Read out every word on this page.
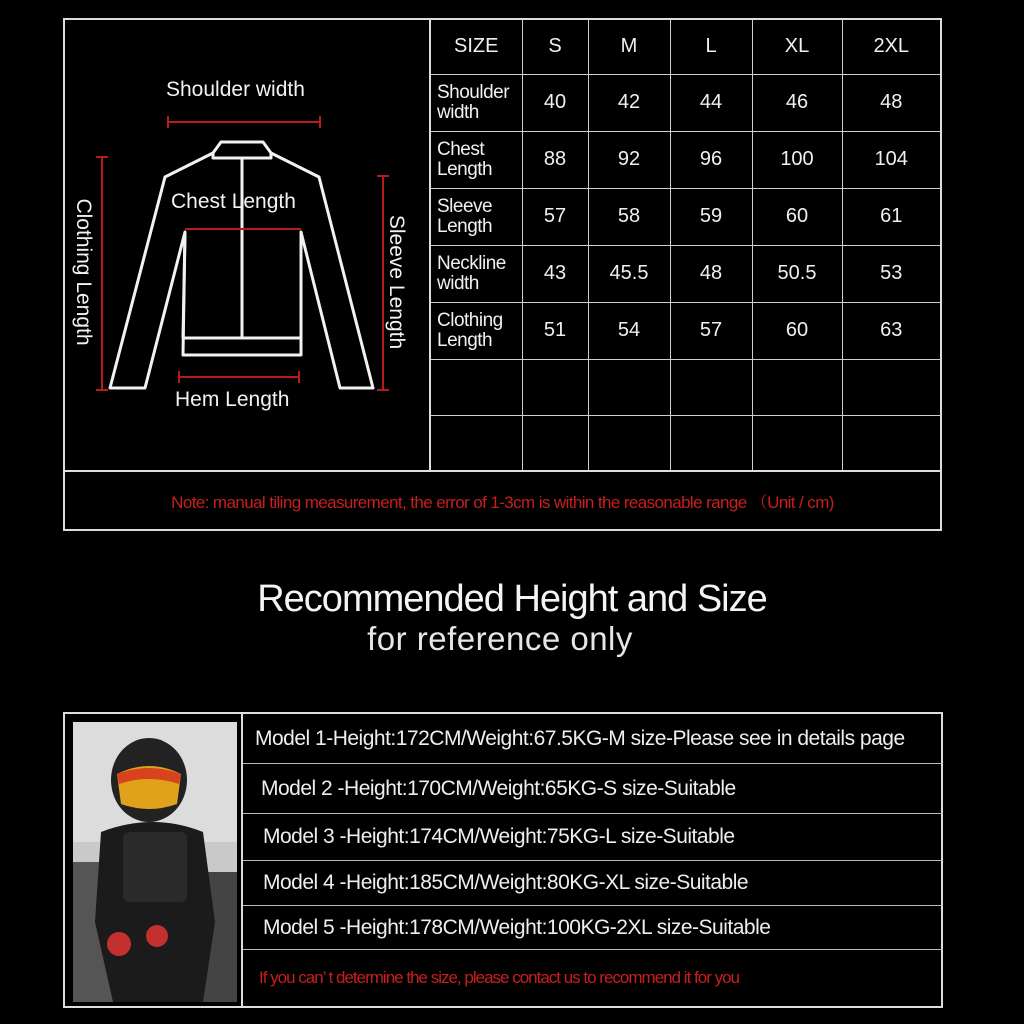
Shoulder width
Chest Length
Hem Length
Clothing Length	Sleeve Length
SIZE	S	M	L	XL	2XL
Shoulder
width	40	42	44	46	48
Chest
Length	88	92	96	100	104
Sleeve
Length	57	58	59	60	61
Neckline
width	43	45.5	48	50.5	53
Clothing
Length	51	54	57	60	63

Note: manual tiling measurement, the error of 1-3cm is within the reasonable range （Unit / cm)
Recommended Height and Size
for reference only
Model 1-Height:172CM/Weight:67.5KG-M size-Please see in details page
Model 2 -Height:170CM/Weight:65KG-S size-Suitable
Model 3 -Height:174CM/Weight:75KG-L size-Suitable
Model 4 -Height:185CM/Weight:80KG-XL size-Suitable
Model 5 -Height:178CM/Weight:100KG-2XL size-Suitable
If you can’ t determine the size, please contact us to recommend it for you
